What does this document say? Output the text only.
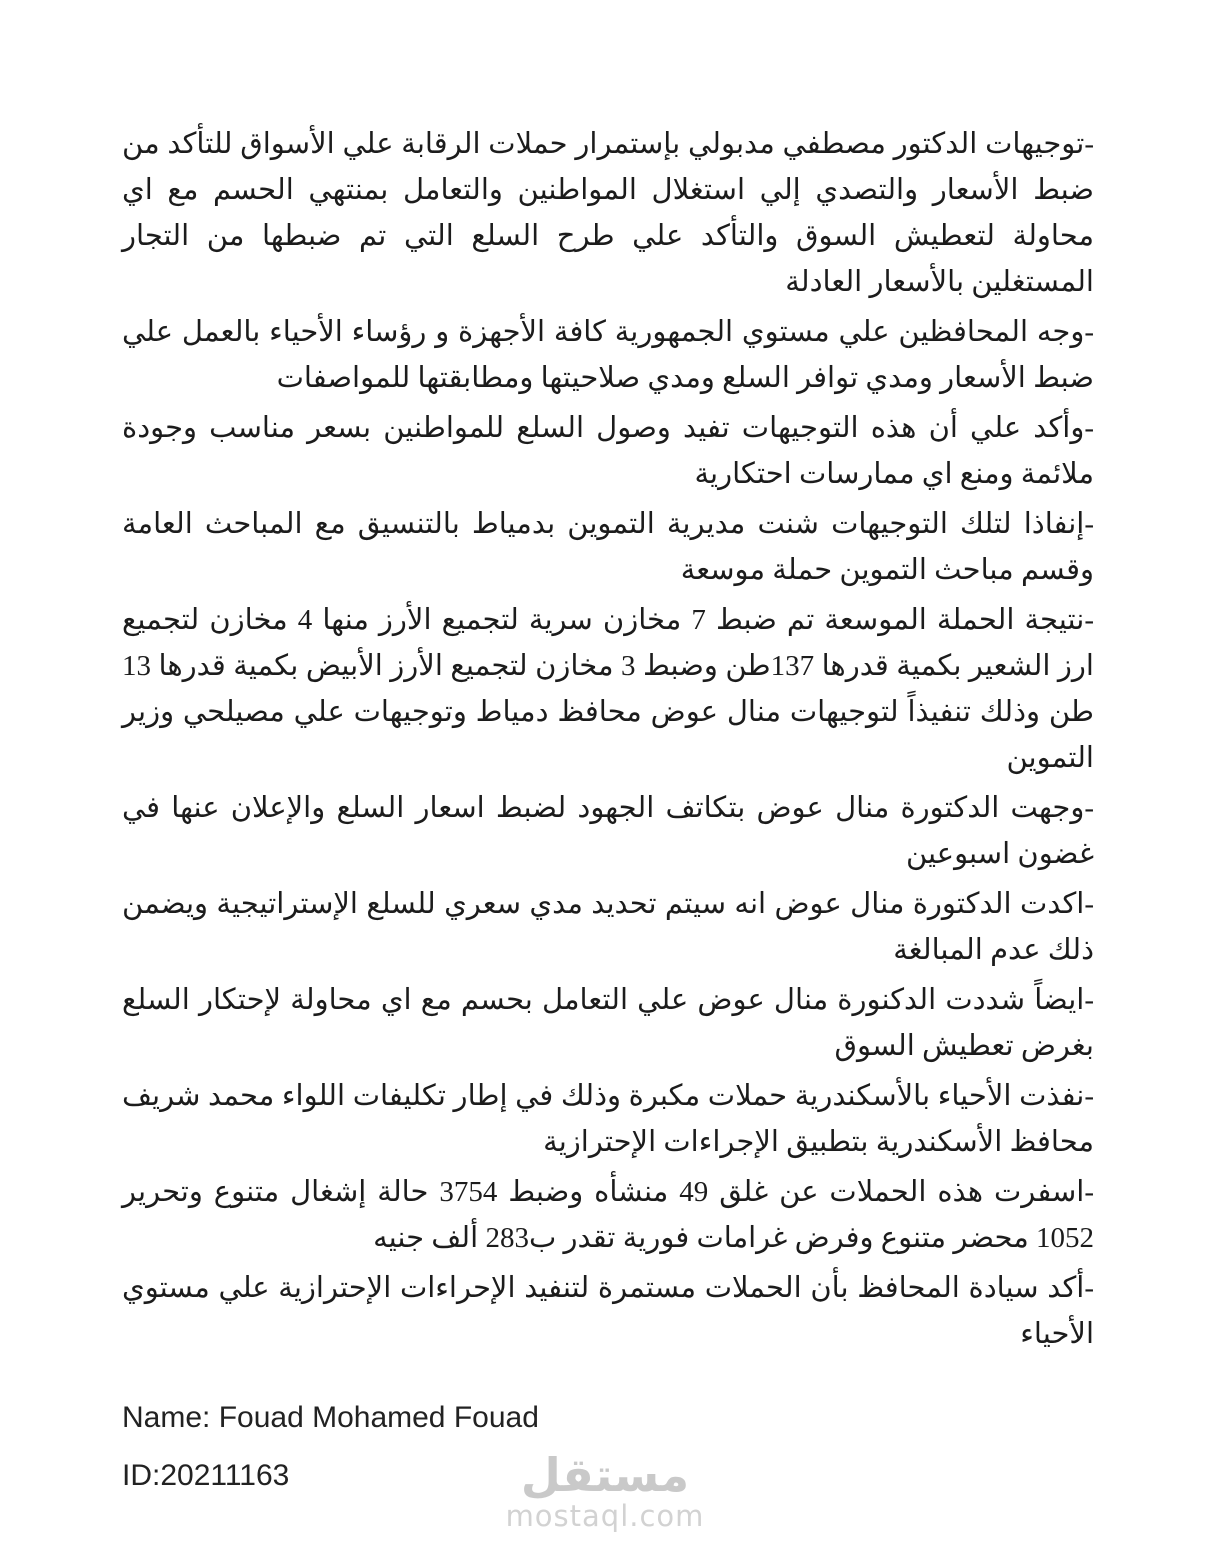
-توجيهات الدكتور مصطفي مدبولي بإستمرار حملات الرقابة علي الأسواق للتأكد من ضبط الأسعار والتصدي إلي استغلال المواطنين والتعامل بمنتهي الحسم مع اي محاولة لتعطيش السوق والتأكد علي طرح السلع التي تم ضبطها من التجار المستغلين بالأسعار العادلة

-وجه المحافظين علي مستوي الجمهورية كافة الأجهزة و رؤساء الأحياء بالعمل علي ضبط الأسعار ومدي توافر السلع ومدي صلاحيتها ومطابقتها للمواصفات

-وأكد علي أن هذه التوجيهات تفيد وصول السلع للمواطنين بسعر مناسب وجودة ملائمة ومنع اي ممارسات احتكارية

-إنفاذا لتلك التوجيهات شنت مديرية التموين بدمياط بالتنسيق مع المباحث العامة وقسم مباحث التموين حملة موسعة

-نتيجة الحملة الموسعة تم ضبط 7 مخازن سرية لتجميع الأرز منها 4 مخازن لتجميع ارز الشعير بكمية قدرها 137طن وضبط 3 مخازن لتجميع الأرز الأبيض بكمية قدرها 13 طن وذلك تنفيذاً لتوجيهات منال عوض محافظ دمياط وتوجيهات علي مصيلحي وزير التموين

-وجهت الدكتورة منال عوض بتكاتف الجهود لضبط اسعار السلع والإعلان عنها في غضون اسبوعين

-اكدت الدكتورة منال عوض انه سيتم تحديد مدي سعري للسلع الإستراتيجية ويضمن ذلك عدم المبالغة

-ايضاً شددت الدكنورة منال عوض علي التعامل بحسم مع اي محاولة لإحتكار السلع بغرض تعطيش السوق

-نفذت الأحياء بالأسكندرية حملات مكبرة وذلك في إطار تكليفات اللواء محمد شريف محافظ الأسكندرية بتطبيق الإجراءات الإحترازية

-اسفرت هذه الحملات عن غلق 49 منشأه وضبط 3754 حالة إشغال متنوع وتحرير 1052 محضر متنوع وفرض غرامات فورية تقدر ب283 ألف جنيه

-أكد سيادة المحافظ بأن الحملات مستمرة لتنفيد الإحراءات الإحترازية علي مستوي الأحياء

Name: Fouad Mohamed Fouad

ID:20211163	مستقل
mostaql.com
